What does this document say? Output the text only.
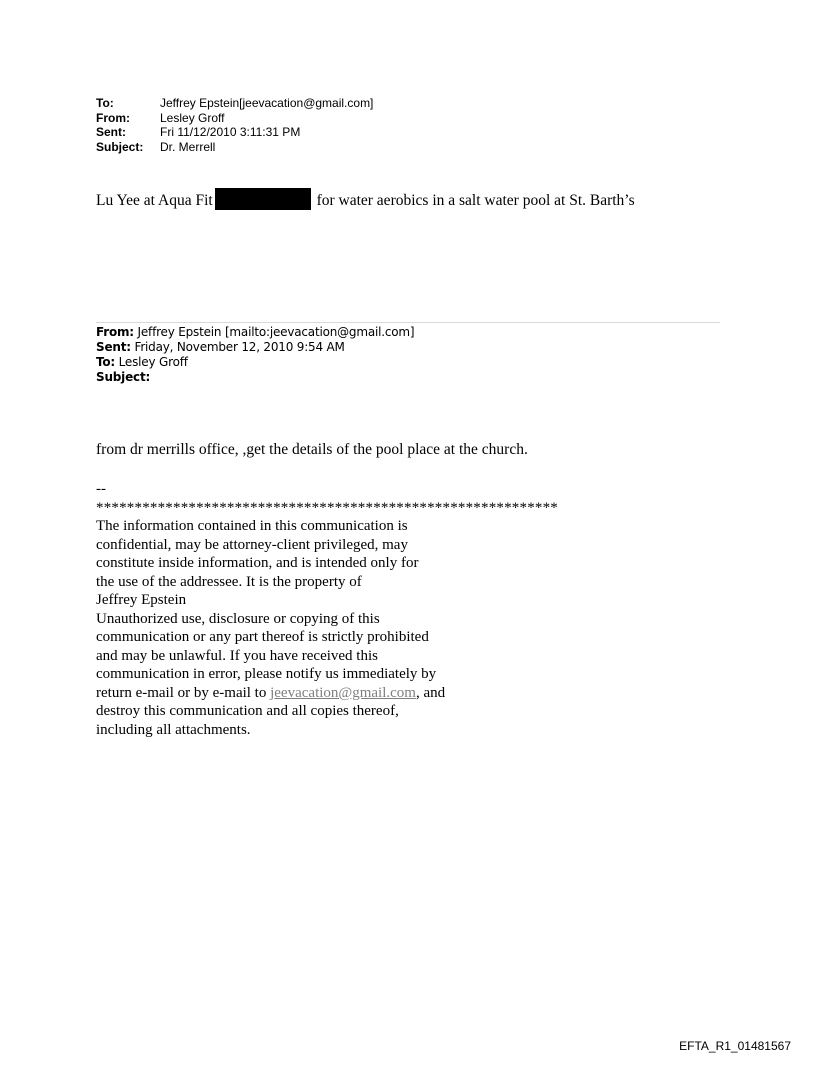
To:	Jeffrey Epstein[jeevacation@gmail.com]
From:	Lesley Groff
Sent:	Fri 11/12/2010 3:11:31 PM
Subject:	Dr. Merrell
Lu Yee at Aqua Fit	for water aerobics in a salt water pool at St. Barth’s
From: Jeffrey Epstein [mailto:jeevacation@gmail.com]
Sent: Friday, November 12, 2010 9:54 AM
To: Lesley Groff
Subject:
from dr merrills office, ,get the details of the pool place at the church.
--
************************************************************
The information contained in this communication is
confidential, may be attorney-client privileged, may
constitute inside information, and is intended only for
the use of the addressee. It is the property of
Jeffrey Epstein
Unauthorized use, disclosure or copying of this
communication or any part thereof is strictly prohibited
and may be unlawful. If you have received this
communication in error, please notify us immediately by
return e-mail or by e-mail to jeevacation@gmail.com, and
destroy this communication and all copies thereof,
including all attachments.
EFTA_R1_01481567
